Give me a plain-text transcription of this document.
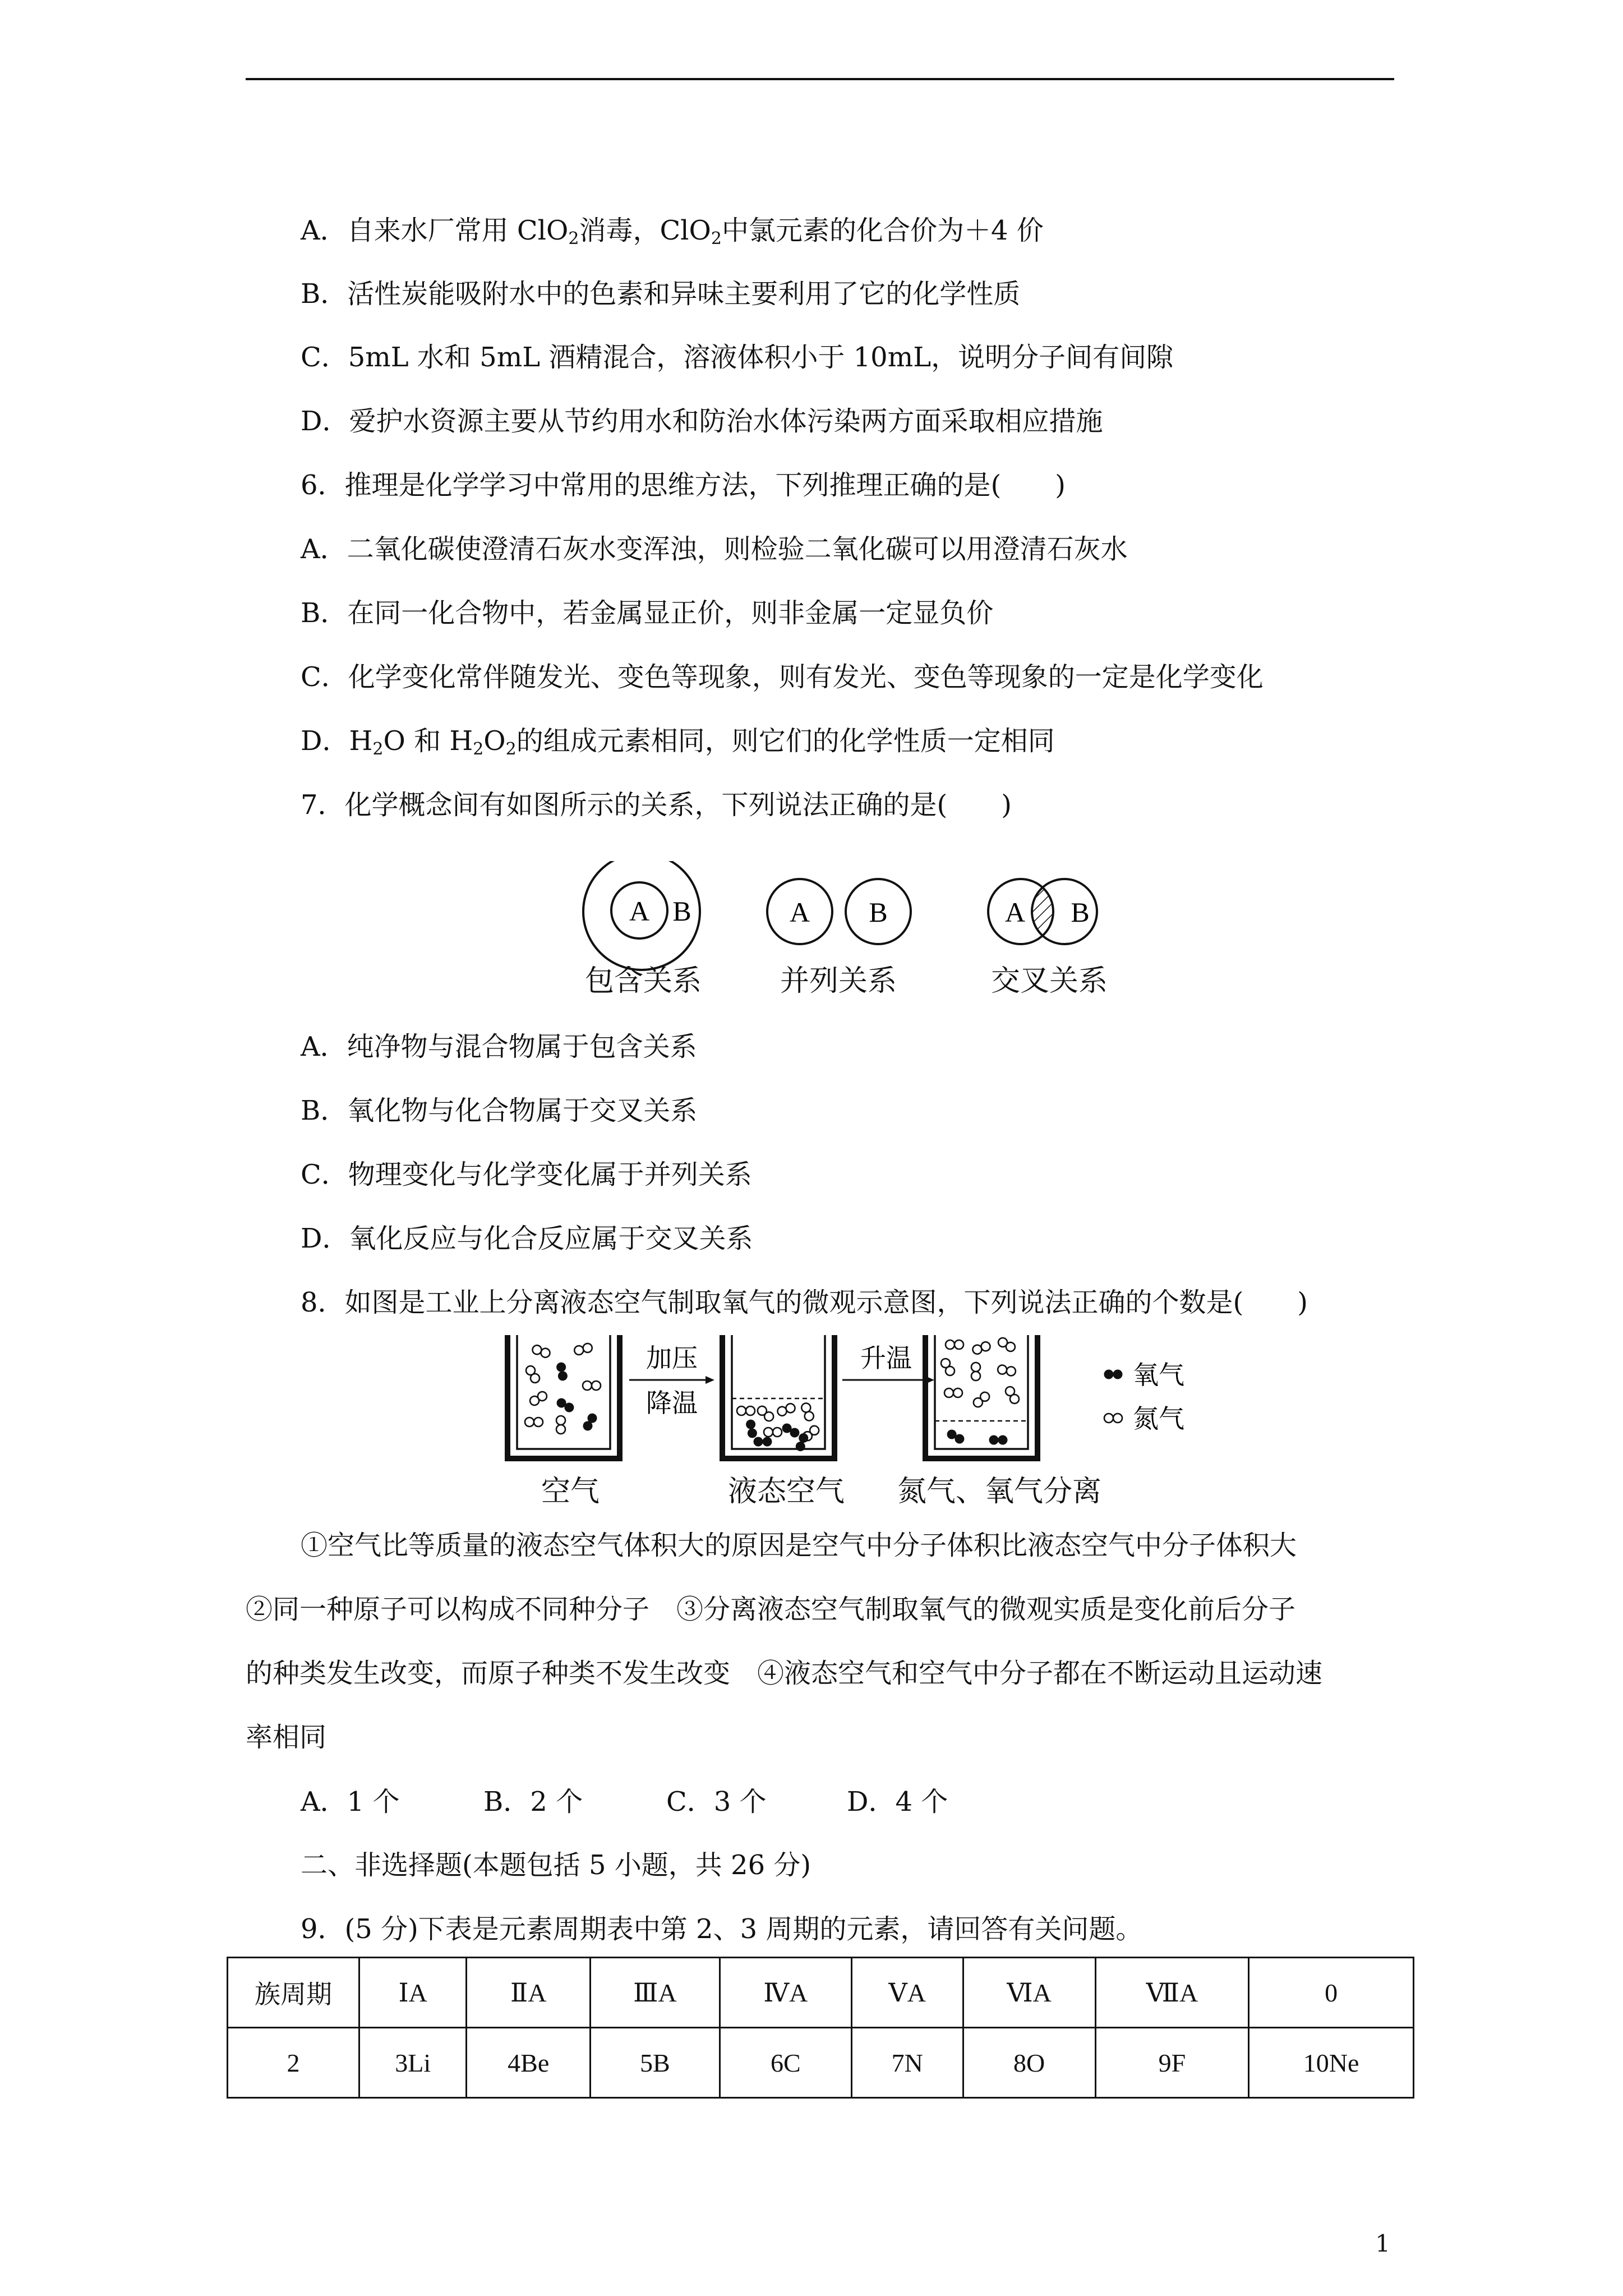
A．自来水厂常用 ClO$_2$消毒，ClO$_2$中氯元素的化合价为＋4 价
B．活性炭能吸附水中的色素和异味主要利用了它的化学性质
C．5mL 水和 5mL 酒精混合，溶液体积小于 10mL，说明分子间有间隙
D．爱护水资源主要从节约用水和防治水体污染两方面采取相应措施
6．推理是化学学习中常用的思维方法，下列推理正确的是(　　)
A．二氧化碳使澄清石灰水变浑浊，则检验二氧化碳可以用澄清石灰水
B．在同一化合物中，若金属显正价，则非金属一定显负价
C．化学变化常伴随发光、变色等现象，则有发光、变色等现象的一定是化学变化
D．$H_2O$ 和 $H_2O_2$的组成元素相同，则它们的化学性质一定相同
7．化学概念间有如图所示的关系，下列说法正确的是(　　)
A B	A B	A B
包含关系	并列关系	交叉关系
A．纯净物与混合物属于包含关系
B．氧化物与化合物属于交叉关系
C．物理变化与化学变化属于并列关系
D．氧化反应与化合反应属于交叉关系
8．如图是工业上分离液态空气制取氧气的微观示意图，下列说法正确的个数是(　　)
加压
降温
升温
氧气
氮气
空气	液态空气 氮气、氧气分离
①空气比等质量的液态空气体积大的原因是空气中分子体积比液态空气中分子体积大
②同一种原子可以构成不同种分子　③分离液态空气制取氧气的微观实质是变化前后分子
的种类发生改变，而原子种类不发生改变　④液态空气和空气中分子都在不断运动且运动速
率相同
A．1 个	B．2 个	C．3 个	D．4 个
二、非选择题(本题包括 5 小题，共 26 分)
9．(5 分)下表是元素周期表中第 2、3 周期的元素，请回答有关问题。
族周期	ⅠA	ⅡA	ⅢA	ⅣA	ⅤA	ⅥA	ⅦA	0
2	3Li	4Be	5B	6C	7N	8O	9F	10Ne
1
